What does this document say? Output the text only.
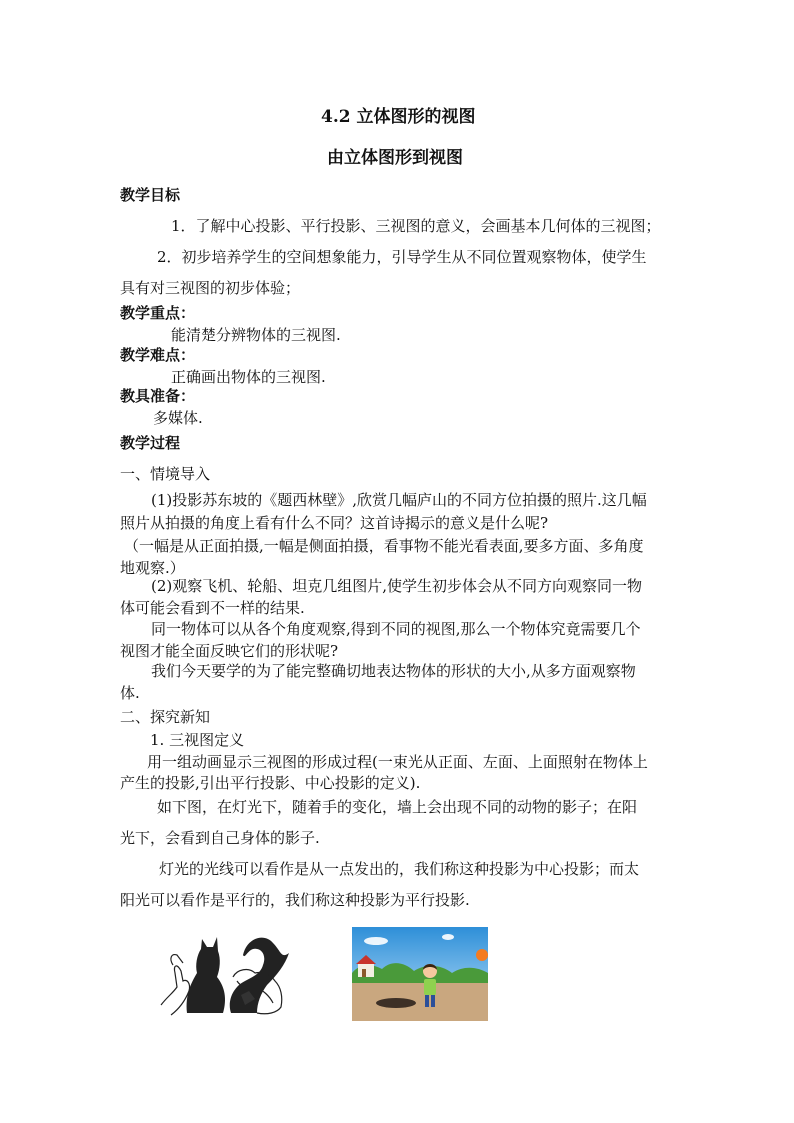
4.2 立体图形的视图
由立体图形到视图
教学目标
1．了解中心投影、平行投影、三视图的意义，会画基本几何体的三视图；
2．初步培养学生的空间想象能力，引导学生从不同位置观察物体，使学生
具有对三视图的初步体验；
教学重点：
能清楚分辨物体的三视图.
教学难点：
正确画出物体的三视图.
教具准备：
多媒体.
教学过程
一、情境导入
(1)投影苏东坡的《题西林壁》,欣赏几幅庐山的不同方位拍摄的照片.这几幅
照片从拍摄的角度上看有什么不同？这首诗揭示的意义是什么呢?
（一幅是从正面拍摄,一幅是侧面拍摄，看事物不能光看表面,要多方面、多角度
地观察.）
(2)观察飞机、轮船、坦克几组图片,使学生初步体会从不同方向观察同一物
体可能会看到不一样的结果.
同一物体可以从各个角度观察,得到不同的视图,那么一个物体究竟需要几个
视图才能全面反映它们的形状呢?
我们今天要学的为了能完整确切地表达物体的形状的大小,从多方面观察物
体.
二、探究新知
1. 三视图定义
用一组动画显示三视图的形成过程(一束光从正面、左面、上面照射在物体上
产生的投影,引出平行投影、中心投影的定义).
如下图，在灯光下，随着手的变化，墙上会出现不同的动物的影子；在阳
光下，会看到自己身体的影子.
灯光的光线可以看作是从一点发出的，我们称这种投影为中心投影；而太
阳光可以看作是平行的，我们称这种投影为平行投影.
